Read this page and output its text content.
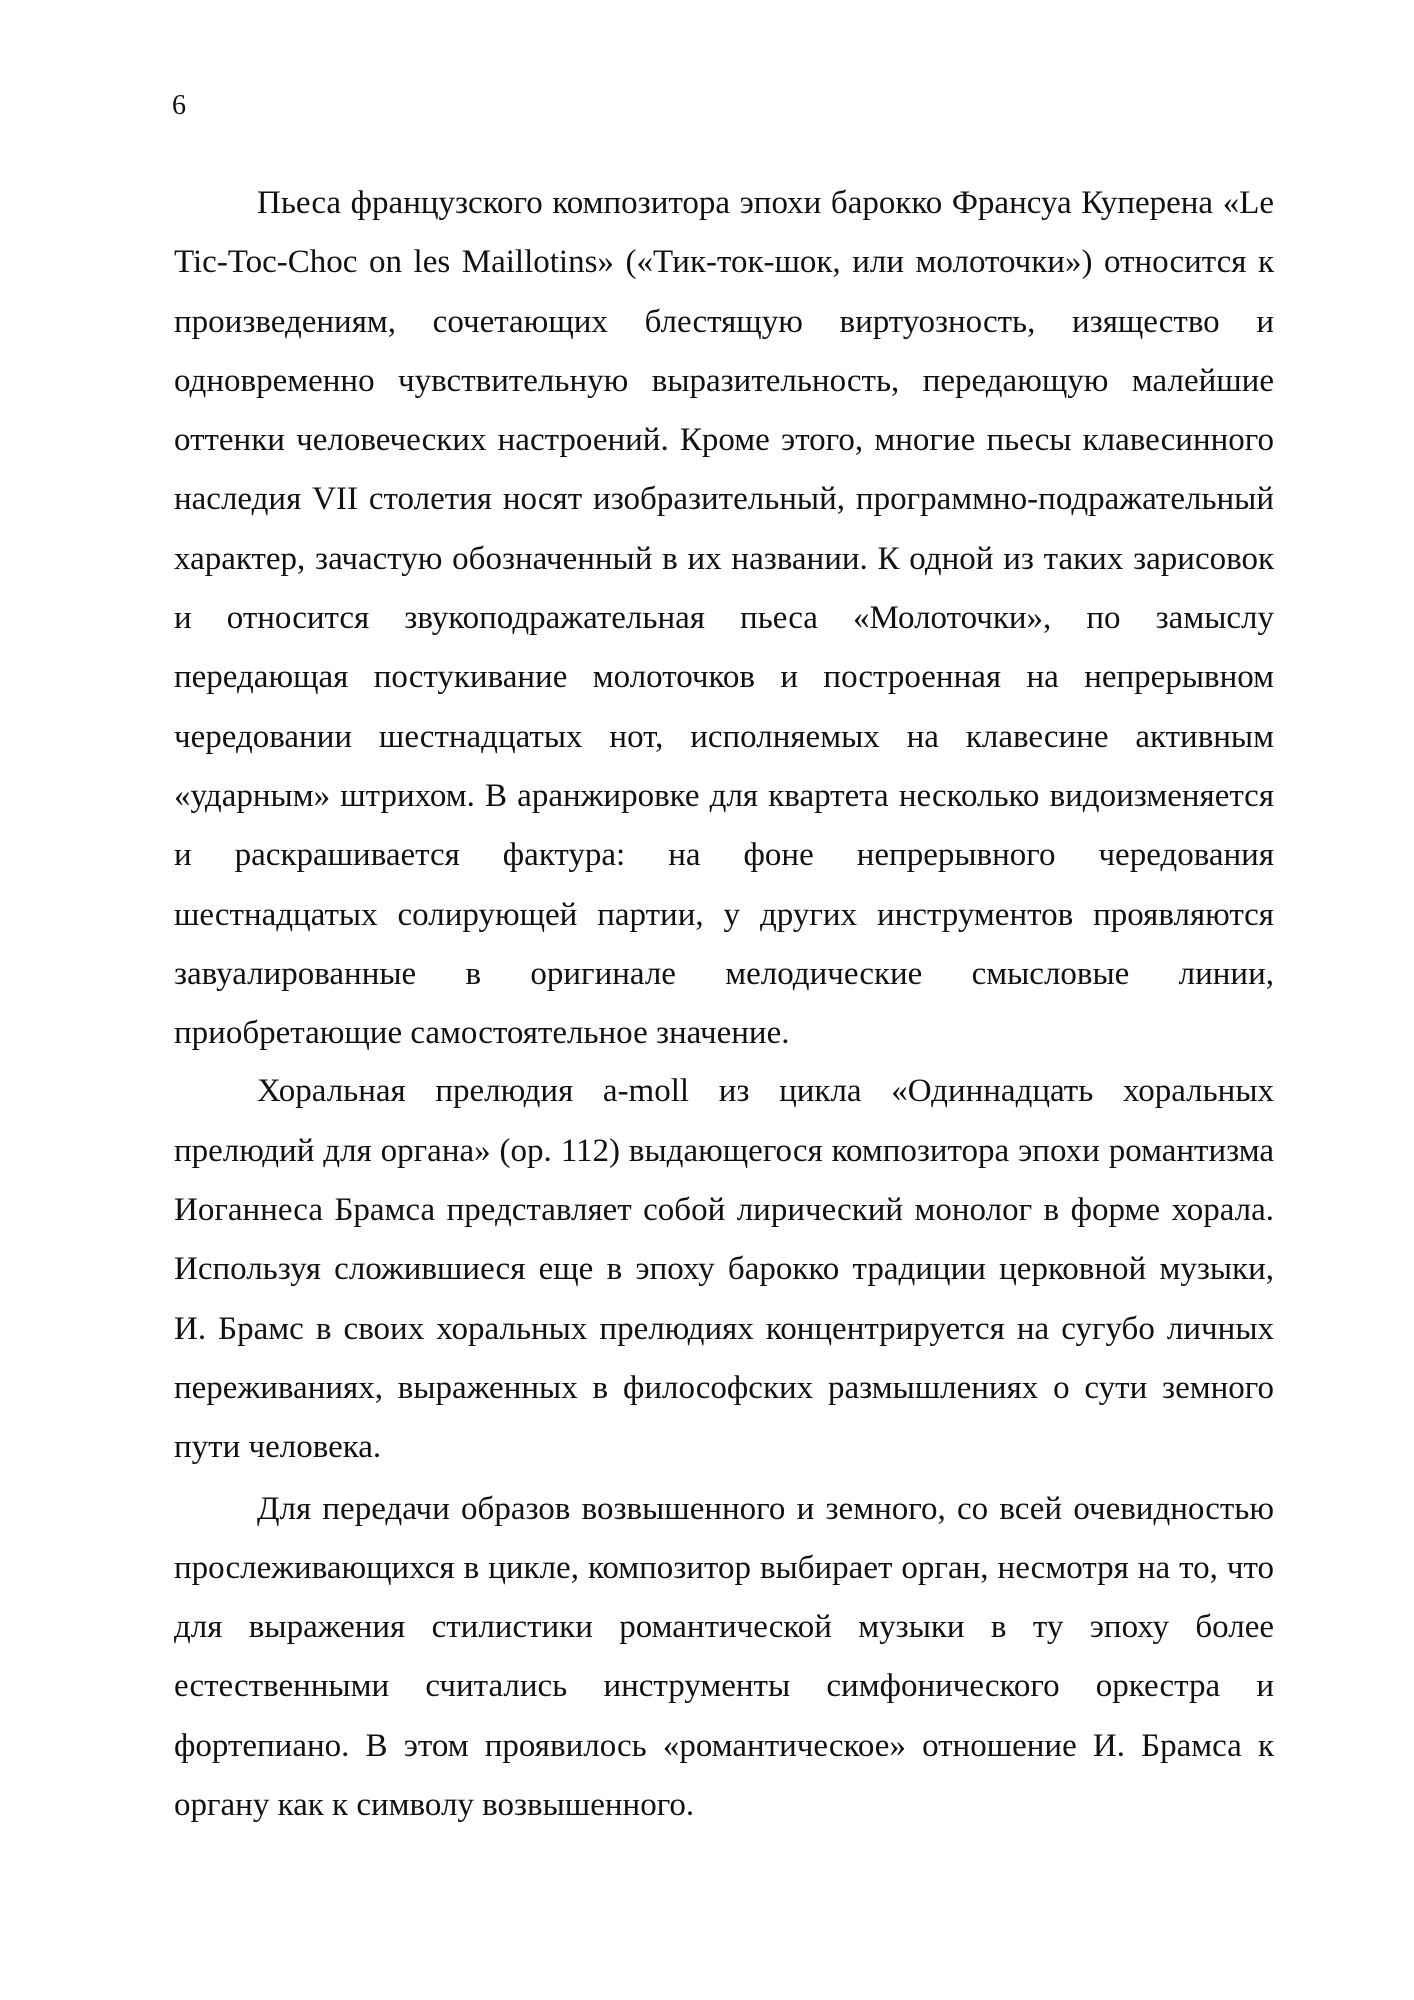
6

Пьеса французского композитора эпохи барокко Франсуа Куперена «Le Tic-Toc-Choc on les Maillotins» («Тик-ток-шок, или молоточки») относится к произведениям, сочетающих блестящую виртуозность, изящество и одновременно чувствительную выразительность, передающую малейшие оттенки человеческих настроений. Кроме этого, многие пьесы клавесинного наследия VII столетия носят изобразительный, программно-подражательный характер, зачастую обозначенный в их названии. К одной из таких зарисовок и относится звукоподражательная пьеса «Молоточки», по замыслу передающая постукивание молоточков и построенная на непрерывном чередовании шестнадцатых нот, исполняемых на клавесине активным «ударным» штрихом. В аранжировке для квартета несколько видоизменяется и раскрашивается фактура: на фоне непрерывного чередования шестнадцатых солирующей партии, у других инструментов проявляются завуалированные в оригинале мелодические смысловые линии, приобретающие самостоятельное значение.

Хоральная прелюдия a-moll из цикла «Одиннадцать хоральных прелюдий для органа» (op. 112) выдающегося композитора эпохи романтизма Иоганнеса Брамса представляет собой лирический монолог в форме хорала. Используя сложившиеся еще в эпоху барокко традиции церковной музыки, И. Брамс в своих хоральных прелюдиях концентрируется на сугубо личных переживаниях, выраженных в философских размышлениях о сути земного пути человека.

Для передачи образов возвышенного и земного, со всей очевидностью прослеживающихся в цикле, композитор выбирает орган, несмотря на то, что для выражения стилистики романтической музыки в ту эпоху более естественными считались инструменты симфонического оркестра и фортепиано. В этом проявилось «романтическое» отношение И. Брамса к органу как к символу возвышенного.
